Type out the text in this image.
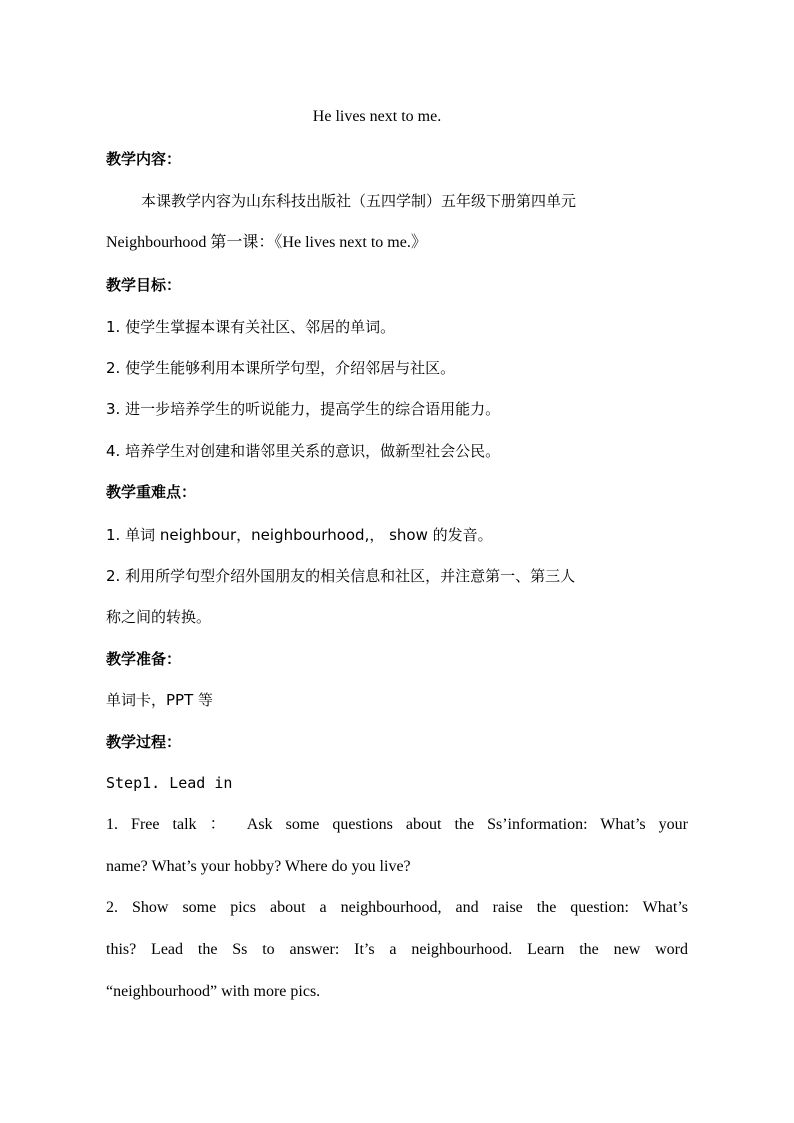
He lives next to me.
教学内容：
本课教学内容为山东科技出版社（五四学制）五年级下册第四单元
Neighbourhood 第一课：《He lives next to me.》
教学目标：
1. 使学生掌握本课有关社区、邻居的单词。
2. 使学生能够利用本课所学句型，介绍邻居与社区。
3. 进一步培养学生的听说能力，提高学生的综合语用能力。
4. 培养学生对创建和谐邻里关系的意识，做新型社会公民。
教学重难点：
1. 单词 neighbour，neighbourhood,， show 的发音。
2. 利用所学句型介绍外国朋友的相关信息和社区，并注意第一、第三人
称之间的转换。
教学准备：
单词卡，PPT 等
教学过程：
Step1. Lead in
1. Free talk ： Ask some questions about the Ss’information: What’s your
name? What’s your hobby? Where do you live?
2. Show some pics about a neighbourhood, and raise the question: What’s
this? Lead the Ss to answer: It’s a neighbourhood. Learn the new word
“neighbourhood” with more pics.
